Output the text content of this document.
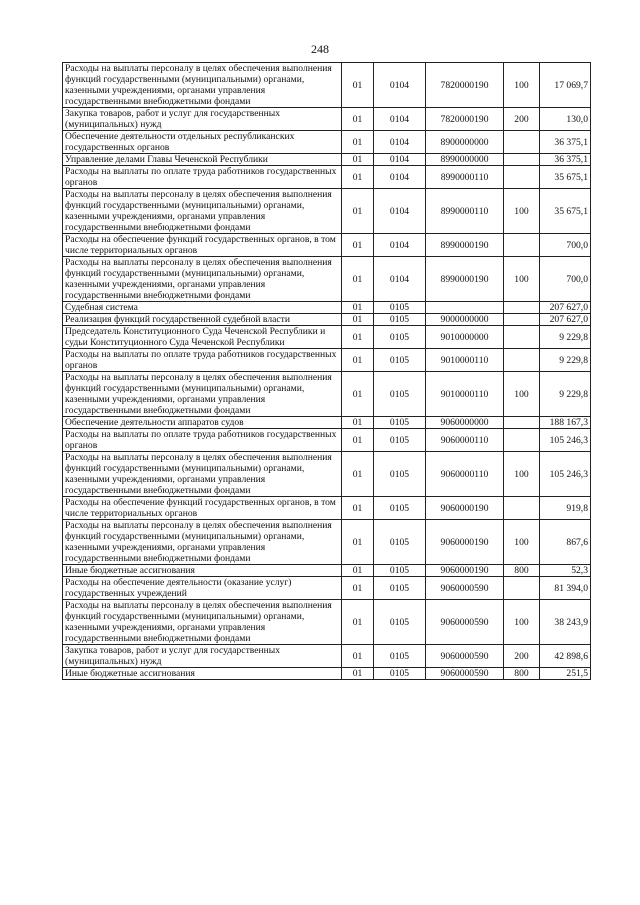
248
Расходы на выплаты персоналу в целях обеспечения выполнения функций государственными (муниципальными) органами, казенными учреждениями, органами управления государственными внебюджетными фондами	01	0104	7820000190	100	17 069,7
Закупка товаров, работ и услуг для государственных (муниципальных) нужд	01	0104	7820000190	200	130,0
Обеспечение деятельности отдельных республиканских государственных органов	01	0104	8900000000		36 375,1
Управление делами Главы Чеченской Республики	01	0104	8990000000		36 375,1
Расходы на выплаты по оплате труда работников государственных органов	01	0104	8990000110		35 675,1
Расходы на выплаты персоналу в целях обеспечения выполнения функций государственными (муниципальными) органами, казенными учреждениями, органами управления государственными внебюджетными фондами	01	0104	8990000110	100	35 675,1
Расходы на обеспечение функций государственных органов, в том числе территориальных органов	01	0104	8990000190		700,0
Расходы на выплаты персоналу в целях обеспечения выполнения функций государственными (муниципальными) органами, казенными учреждениями, органами управления государственными внебюджетными фондами	01	0104	8990000190	100	700,0
Судебная система	01	0105			207 627,0
Реализация функций государственной судебной власти	01	0105	9000000000		207 627,0
Председатель Конституционного Суда Чеченской Республики и судьи Конституционного Суда Чеченской Республики	01	0105	9010000000		9 229,8
Расходы на выплаты по оплате труда работников государственных органов	01	0105	9010000110		9 229,8
Расходы на выплаты персоналу в целях обеспечения выполнения функций государственными (муниципальными) органами, казенными учреждениями, органами управления государственными внебюджетными фондами	01	0105	9010000110	100	9 229,8
Обеспечение деятельности аппаратов судов	01	0105	9060000000		188 167,3
Расходы на выплаты по оплате труда работников государственных органов	01	0105	9060000110		105 246,3
Расходы на выплаты персоналу в целях обеспечения выполнения функций государственными (муниципальными) органами, казенными учреждениями, органами управления государственными внебюджетными фондами	01	0105	9060000110	100	105 246,3
Расходы на обеспечение функций государственных органов, в том числе территориальных органов	01	0105	9060000190		919,8
Расходы на выплаты персоналу в целях обеспечения выполнения функций государственными (муниципальными) органами, казенными учреждениями, органами управления государственными внебюджетными фондами	01	0105	9060000190	100	867,6
Иные бюджетные ассигнования	01	0105	9060000190	800	52,3
Расходы на обеспечение деятельности (оказание услуг) государственных учреждений	01	0105	9060000590		81 394,0
Расходы на выплаты персоналу в целях обеспечения выполнения функций государственными (муниципальными) органами, казенными учреждениями, органами управления государственными внебюджетными фондами	01	0105	9060000590	100	38 243,9
Закупка товаров, работ и услуг для государственных (муниципальных) нужд	01	0105	9060000590	200	42 898,6
Иные бюджетные ассигнования	01	0105	9060000590	800	251,5
